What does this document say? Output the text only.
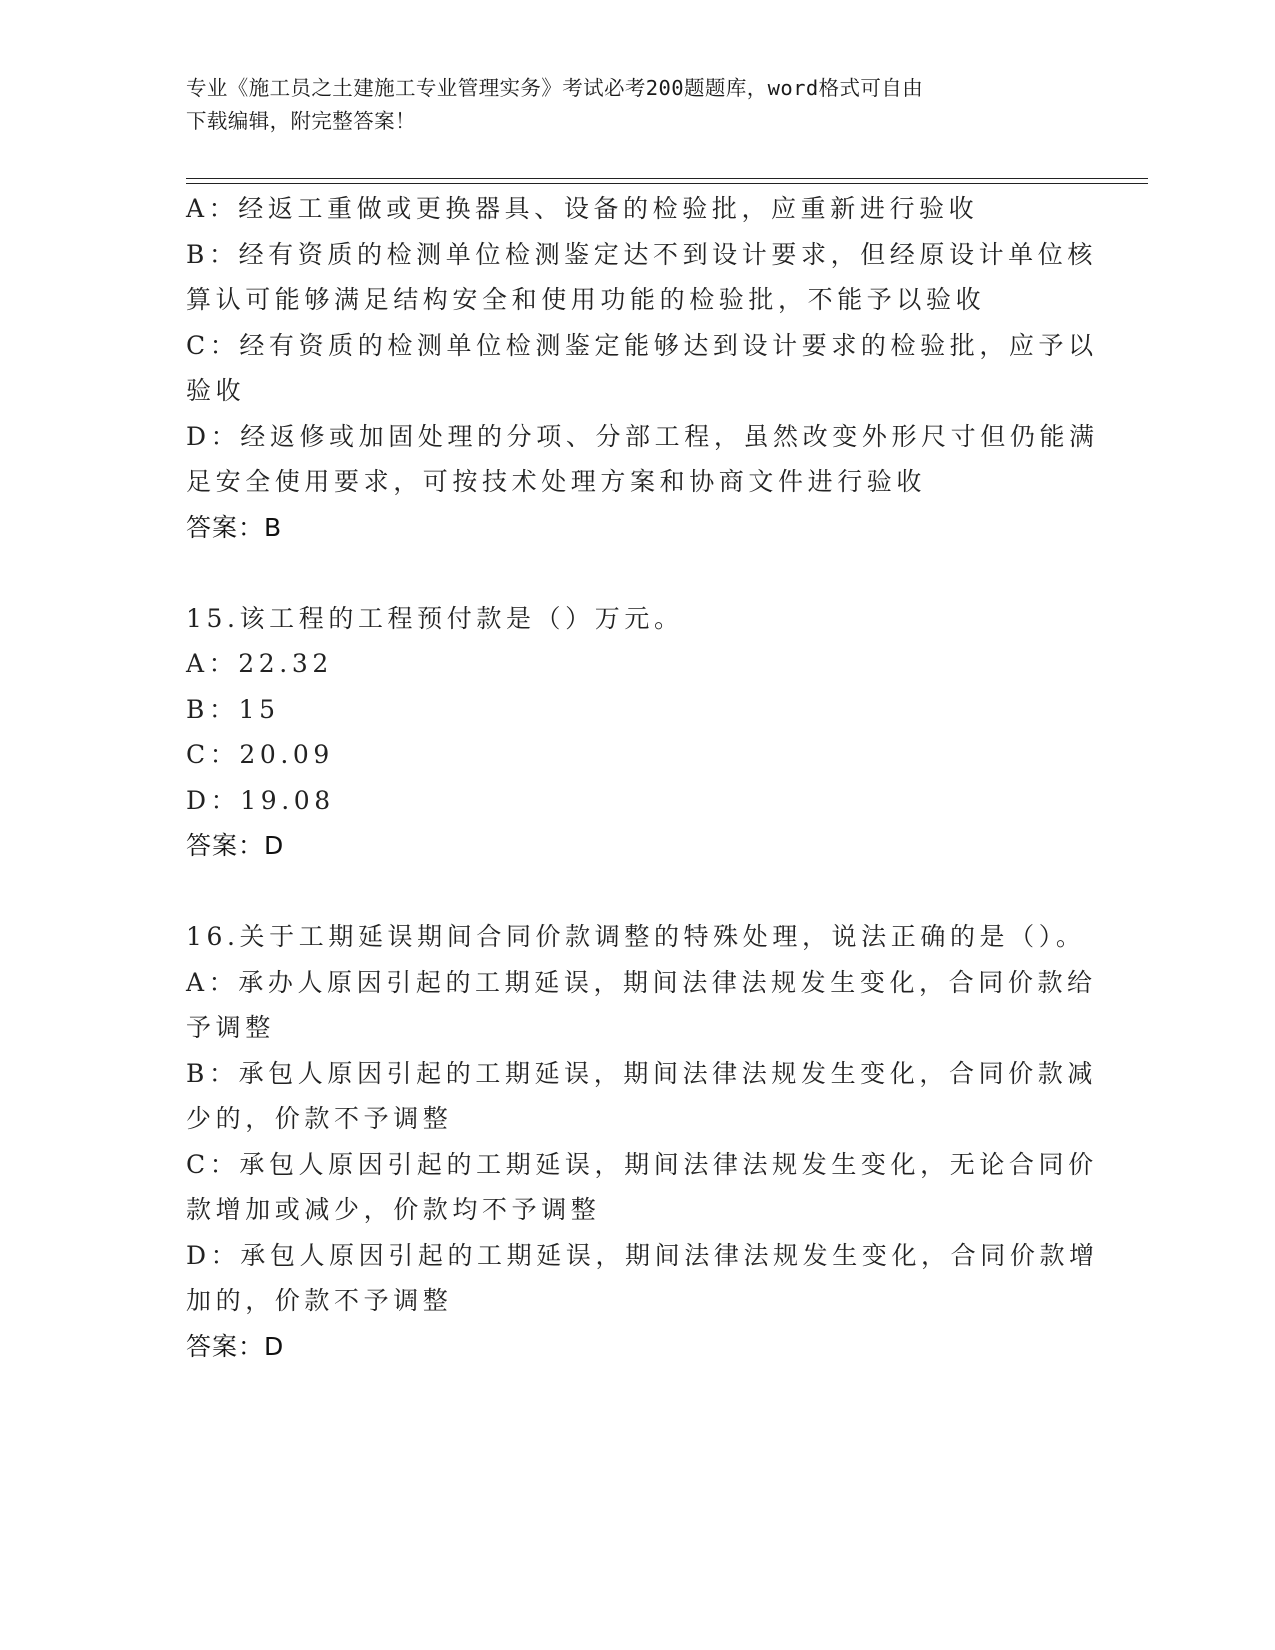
专业《施工员之土建施工专业管理实务》考试必考200题题库，word格式可自由
下载编辑，附完整答案！
A：经返工重做或更换器具、设备的检验批，应重新进行验收
B：经有资质的检测单位检测鉴定达不到设计要求，但经原设计单位核
算认可能够满足结构安全和使用功能的检验批，不能予以验收
C：经有资质的检测单位检测鉴定能够达到设计要求的检验批，应予以
验收
D：经返修或加固处理的分项、分部工程，虽然改变外形尺寸但仍能满
足安全使用要求，可按技术处理方案和协商文件进行验收
答案：B
15.该工程的工程预付款是（）万元。
A：22.32
B：15
C：20.09
D：19.08
答案：D
16.关于工期延误期间合同价款调整的特殊处理，说法正确的是（）。
A：承办人原因引起的工期延误，期间法律法规发生变化，合同价款给
予调整
B：承包人原因引起的工期延误，期间法律法规发生变化，合同价款减
少的，价款不予调整
C：承包人原因引起的工期延误，期间法律法规发生变化，无论合同价
款增加或减少，价款均不予调整
D：承包人原因引起的工期延误，期间法律法规发生变化，合同价款增
加的，价款不予调整
答案：D
